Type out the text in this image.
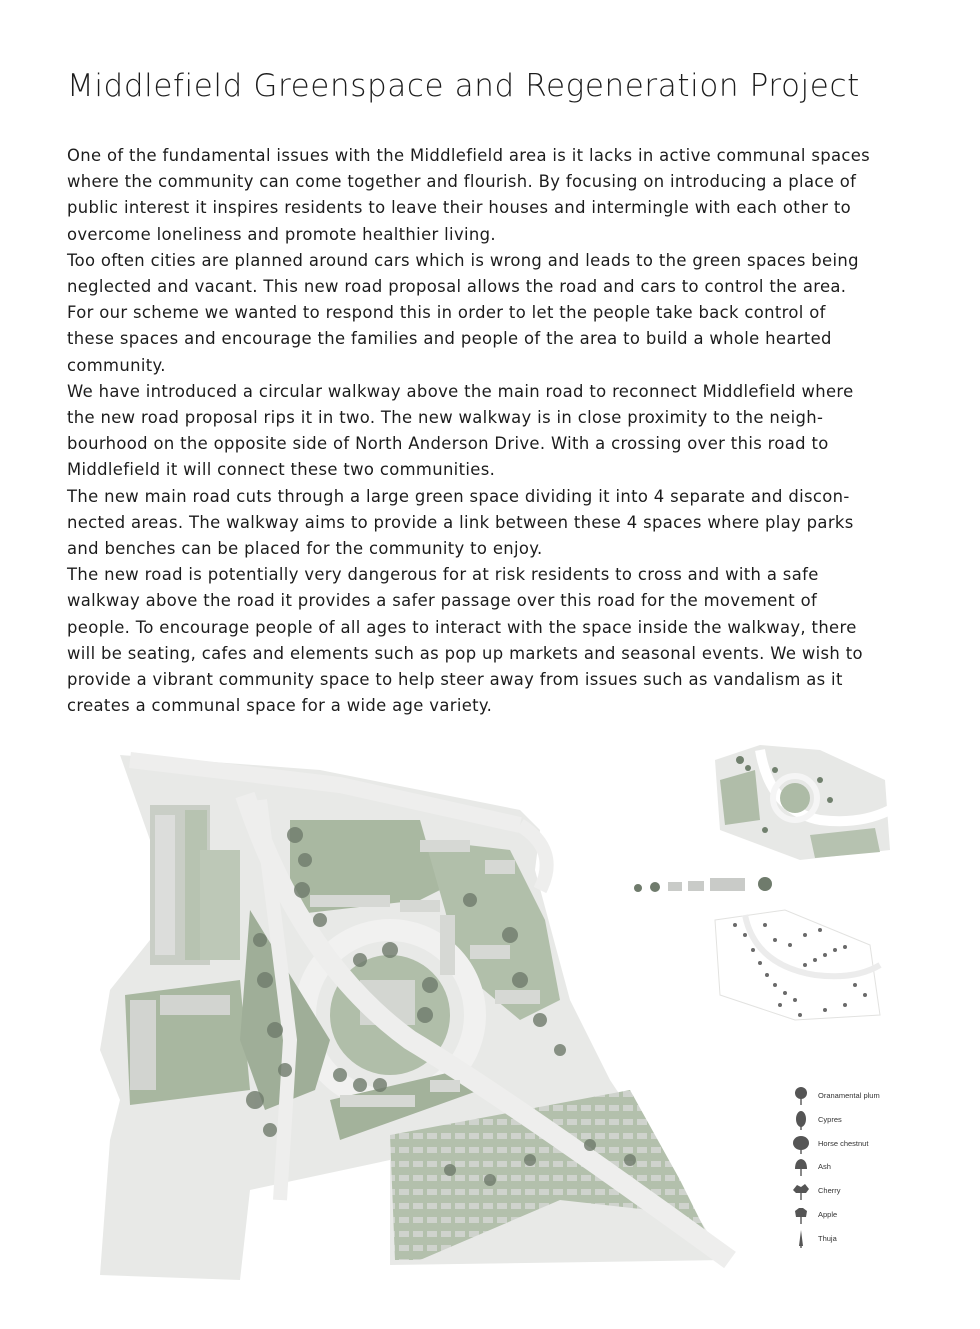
Middlefield Greenspace and Regeneration Project

One of the fundamental issues with the Middlefield area is it lacks in active communal spaces where the community can come together and flourish. By focusing on introducing a place of public interest it inspires residents to leave their houses and intermingle with each other to overcome loneliness and promote healthier living.

Too often cities are planned around cars which is wrong and leads to the green spaces being neglected and vacant. This new road proposal allows the road and cars to control the area. For our scheme we wanted to respond this in order to let the people take back control of these spaces and encourage the families and people of the area to build a whole hearted community.

We have introduced a circular walkway above the main road to reconnect Middlefield where the new road proposal rips it in two. The new walkway is in close proximity to the neigh-bourhood on the opposite side of North Anderson Drive. With a crossing over this road to Middlefield it will connect these two communities.

The new main road cuts through a large green space dividing it into 4 separate and discon-nected areas. The walkway aims to provide a link between these 4 spaces where play parks and benches can be placed for the community to enjoy.

The new road is potentially very dangerous for at risk residents to cross and with a safe walkway above the road it provides a safer passage over this road for the movement of people. To encourage people of all ages to interact with the space inside the walkway, there will be seating, cafes and elements such as pop up markets and seasonal events. We wish to provide a vibrant community space to help steer away from issues such as vandalism as it creates a communal space for a wide age variety.

Oranamental plum
Cypres
Horse chestnut
Ash
Cherry
Apple
Thuja
